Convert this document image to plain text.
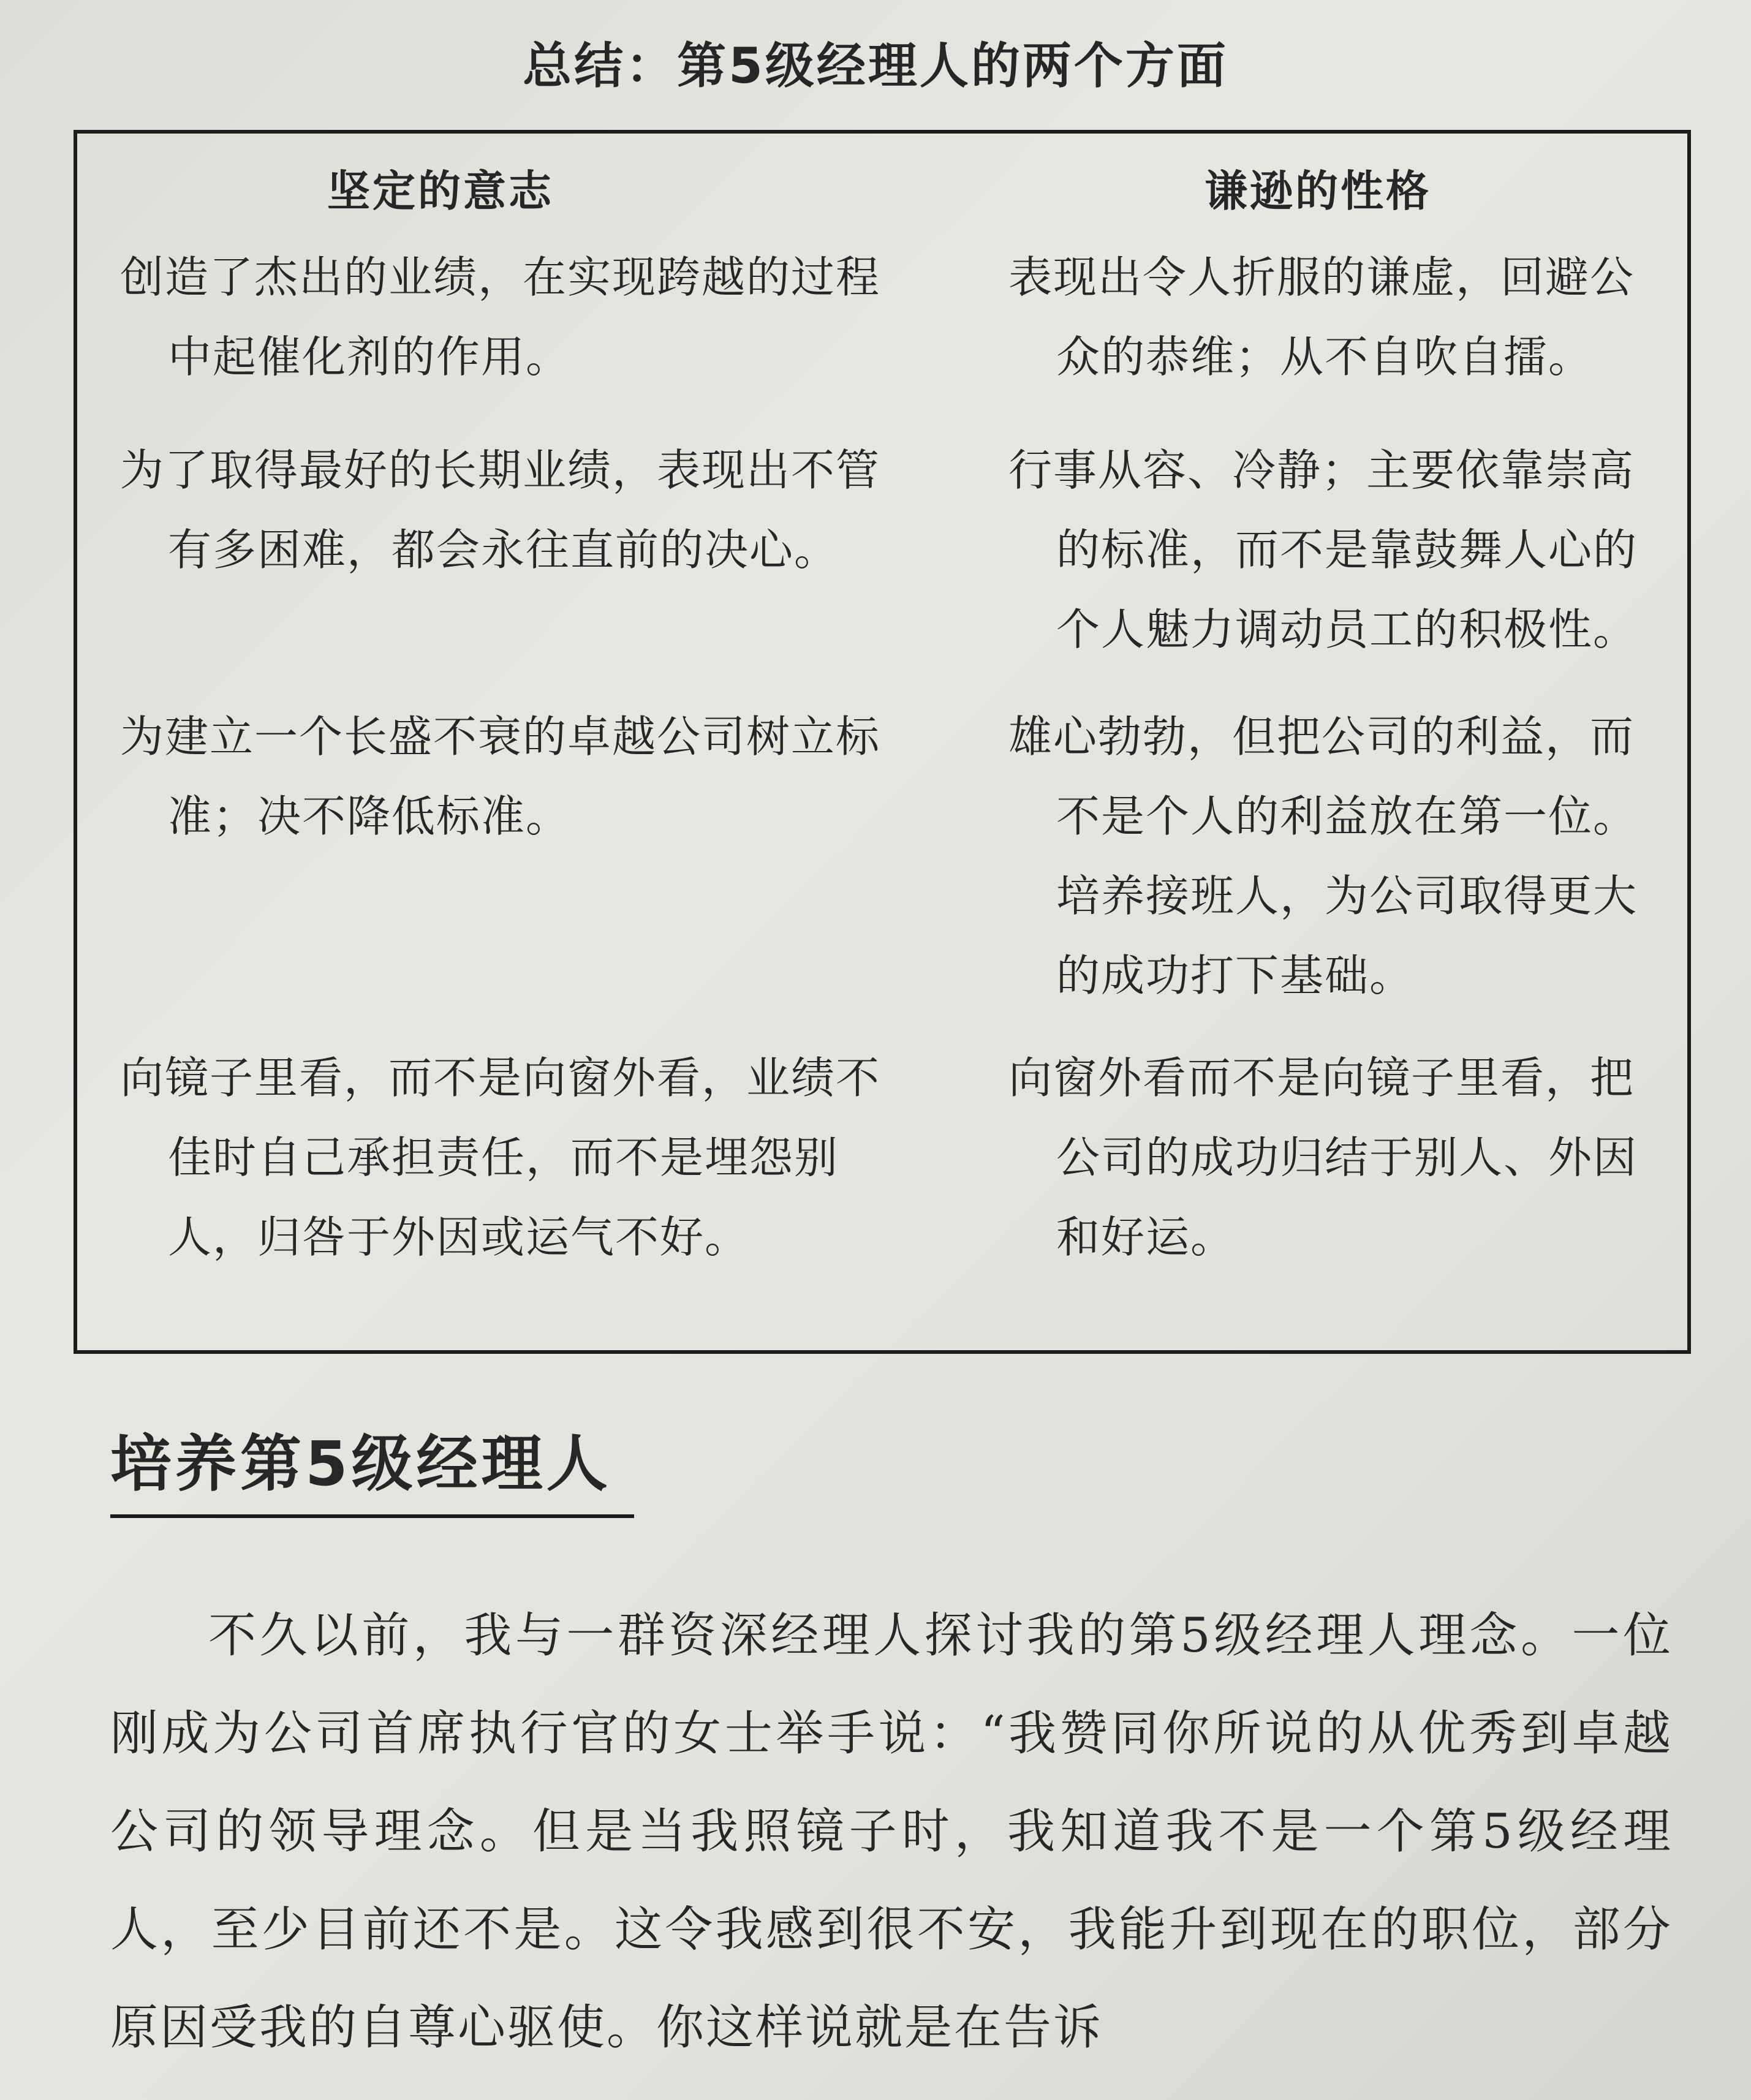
总结：第5级经理人的两个方面
坚定的意志	谦逊的性格
创造了杰出的业绩，在实现跨越的过程中起催化剂的作用。
为了取得最好的长期业绩，表现出不管有多困难，都会永往直前的决心。
为建立一个长盛不衰的卓越公司树立标准；决不降低标准。
向镜子里看，而不是向窗外看，业绩不佳时自己承担责任，而不是埋怨别人，归咎于外因或运气不好。
表现出令人折服的谦虚，回避公众的恭维；从不自吹自擂。
行事从容、冷静；主要依靠崇高的标准，而不是靠鼓舞人心的个人魅力调动员工的积极性。
雄心勃勃，但把公司的利益，而不是个人的利益放在第一位。培养接班人，为公司取得更大的成功打下基础。
向窗外看而不是向镜子里看，把公司的成功归结于别人、外因和好运。
培养第5级经理人

不久以前，我与一群资深经理人探讨我的第5级经理人理念。一位刚成为公司首席执行官的女士举手说：“我赞同你所说的从优秀到卓越公司的领导理念。但是当我照镜子时，我知道我不是一个第5级经理人，至少目前还不是。这令我感到很不安，我能升到现在的职位，部分原因受我的自尊心驱使。你这样说就是在告诉
